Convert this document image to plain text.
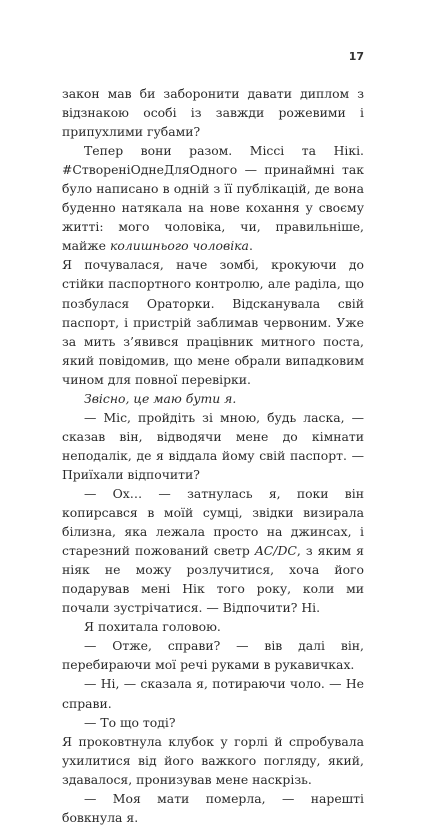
17

закон мав би заборонити давати диплом з відзнакою особі із завжди рожевими і припухлими губами?

Тепер вони разом. Міссі та Нікі. #СтворенiОднеДляОдного — принаймні так було написано в одній з її публікацій, де вона буденно натякала на нове кохання у своєму житті: мого чоловіка, чи, правильніше, майже колишнього чоловіка.

Я почувалася, наче зомбі, крокуючи до стійки паспортного контролю, але раділа, що позбулася Ораторки. Відсканувала свій паспорт, і пристрій заблимав червоним. Уже за мить з’явився працівник митного поста, який повідомив, що мене обрали випадковим чином для повної перевірки.

Звісно, це маю бути я.

— Міс, пройдіть зі мною, будь ласка, — сказав він, відводячи мене до кімнати неподалік, де я віддала йому свій паспорт. — Приїхали відпочити?

— Ох… — затнулась я, поки він копирсався в моїй сумці, звідки визирала білизна, яка лежала просто на джинсах, і старезний пожований светр AC/DC, з яким я ніяк не можу розлучитися, хоча його подарував мені Нік того року, коли ми почали зустрічатися. — Відпочити? Ні.

Я похитала головою.

— Отже, справи? — вів далі він, перебираючи мої речі руками в рукавичках.

— Ні, — сказала я, потираючи чоло. — Не справи.

— То що тоді?

Я проковтнула клубок у горлі й спробувала ухилитися від його важкого погляду, який, здавалося, пронизував мене наскрізь.

— Моя мати померла, — нарешті бовкнула я.
